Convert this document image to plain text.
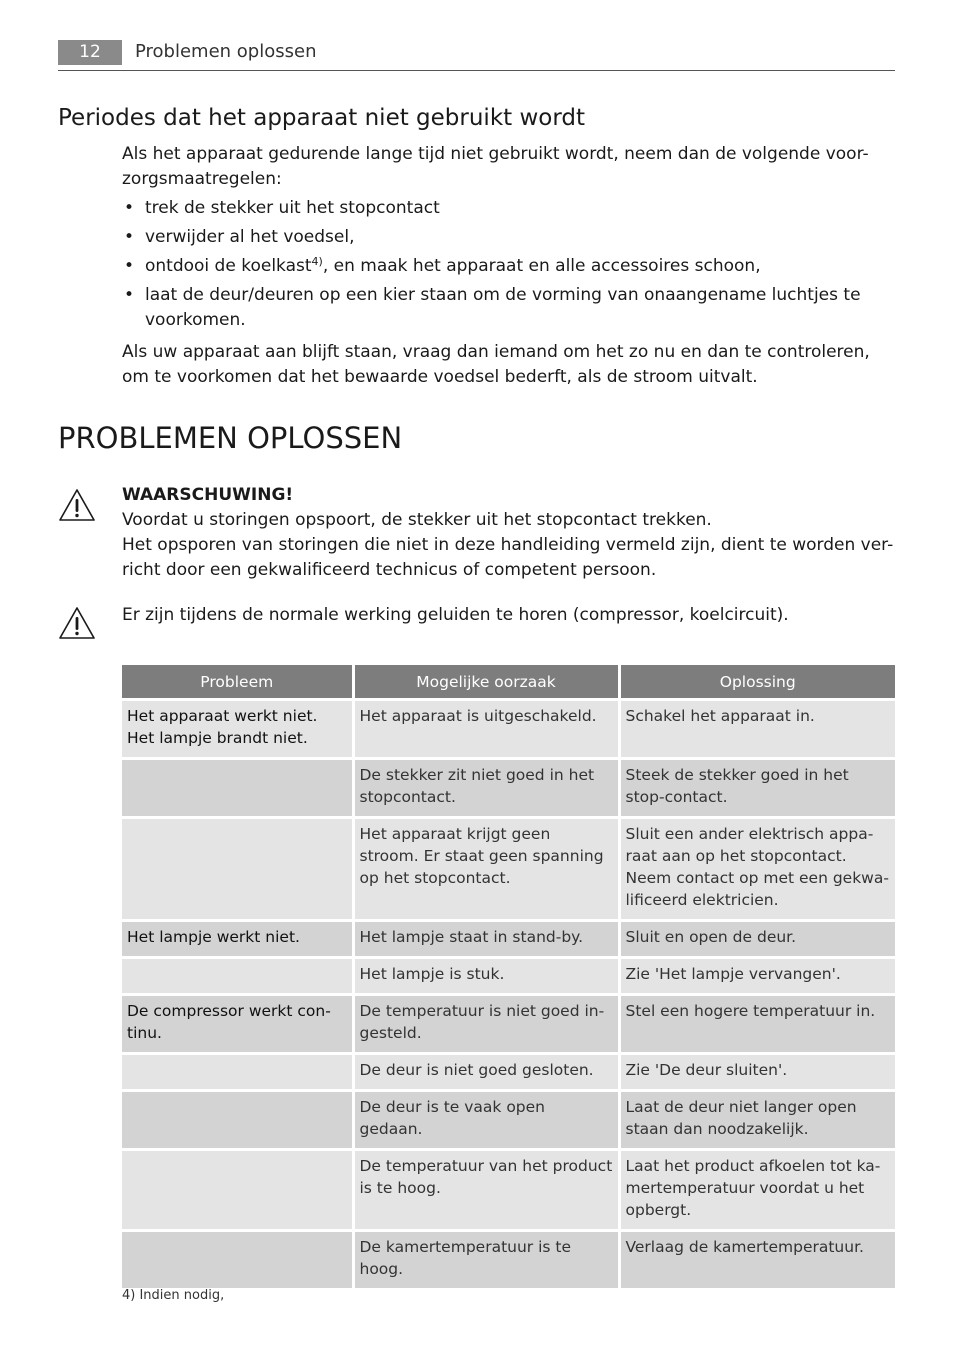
12	Problemen oplossen
Periodes dat het apparaat niet gebruikt wordt
Als het apparaat gedurende lange tijd niet gebruikt wordt, neem dan de volgende voor-zorgsmaatregelen:
• trek de stekker uit het stopcontact
• verwijder al het voedsel,
• ontdooi de koelkast$^{4)}$, en maak het apparaat en alle accessoires schoon,
• laat de deur/deuren op een kier staan om de vorming van onaangename luchtjes te voorkomen.
Als uw apparaat aan blijft staan, vraag dan iemand om het zo nu en dan te controleren, om te voorkomen dat het bewaarde voedsel bederft, als de stroom uitvalt.
PROBLEMEN OPLOSSEN
WAARSCHUWING!
Voordat u storingen opspoort, de stekker uit het stopcontact trekken.
Het opsporen van storingen die niet in deze handleiding vermeld zijn, dient te worden ver-richt door een gekwalificeerd technicus of competent persoon.
Er zijn tijdens de normale werking geluiden te horen (compressor, koelcircuit).
Probleem	Mogelijke oorzaak	Oplossing
Het apparaat werkt niet. Het lampje brandt niet.	Het apparaat is uitgeschakeld.	Schakel het apparaat in.
	De stekker zit niet goed in het stopcontact.	Steek de stekker goed in het stop-contact.
	Het apparaat krijgt geen stroom. Er staat geen spanning op het stopcontact.	Sluit een ander elektrisch appa-raat aan op het stopcontact. Neem contact op met een gekwa-lificeerd elektricien.
Het lampje werkt niet.	Het lampje staat in stand-by.	Sluit en open de deur.
	Het lampje is stuk.	Zie 'Het lampje vervangen'.
De compressor werkt con-tinu.	De temperatuur is niet goed in-gesteld.	Stel een hogere temperatuur in.
	De deur is niet goed gesloten.	Zie 'De deur sluiten'.
	De deur is te vaak open gedaan.	Laat de deur niet langer open staan dan noodzakelijk.
	De temperatuur van het product is te hoog.	Laat het product afkoelen tot ka-mertemperatuur voordat u het opbergt.
	De kamertemperatuur is te hoog.	Verlaag de kamertemperatuur.
4) Indien nodig,
